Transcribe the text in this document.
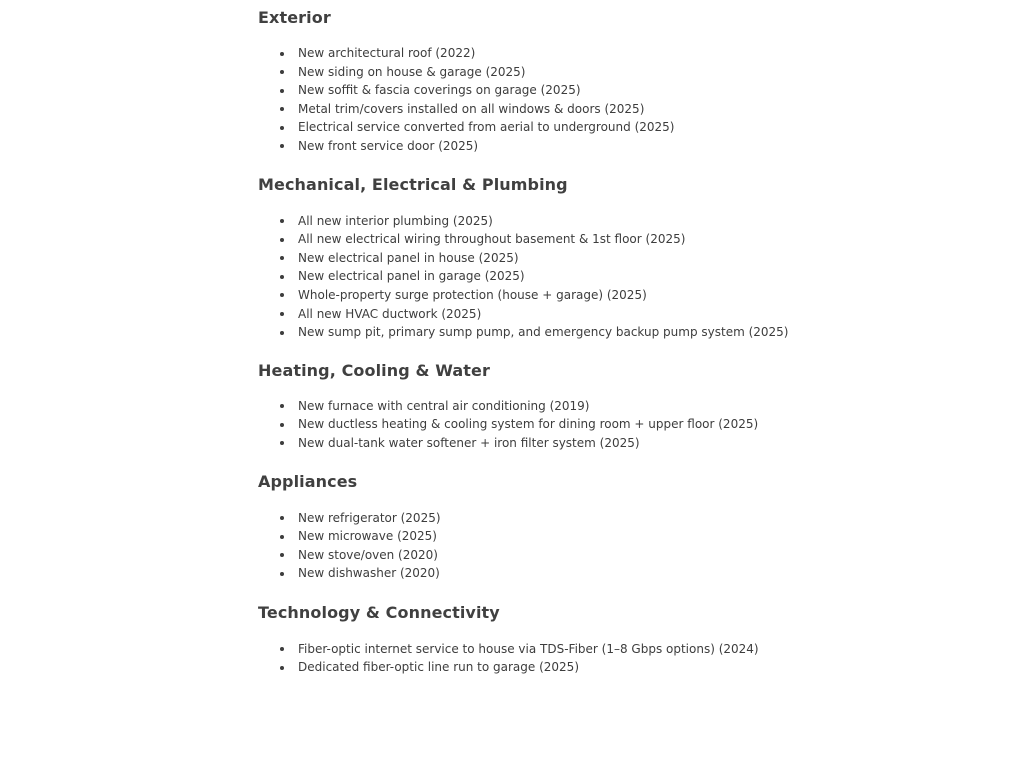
Exterior
New architectural roof (2022)
New siding on house & garage (2025)
New soffit & fascia coverings on garage (2025)
Metal trim/covers installed on all windows & doors (2025)
Electrical service converted from aerial to underground (2025)
New front service door (2025)
Mechanical, Electrical & Plumbing
All new interior plumbing (2025)
All new electrical wiring throughout basement & 1st floor (2025)
New electrical panel in house (2025)
New electrical panel in garage (2025)
Whole-property surge protection (house + garage) (2025)
All new HVAC ductwork (2025)
New sump pit, primary sump pump, and emergency backup pump system (2025)
Heating, Cooling & Water
New furnace with central air conditioning (2019)
New ductless heating & cooling system for dining room + upper floor (2025)
New dual-tank water softener + iron filter system (2025)
Appliances
New refrigerator (2025)
New microwave (2025)
New stove/oven (2020)
New dishwasher (2020)
Technology & Connectivity
Fiber-optic internet service to house via TDS-Fiber (1–8 Gbps options) (2024)
Dedicated fiber-optic line run to garage (2025)
